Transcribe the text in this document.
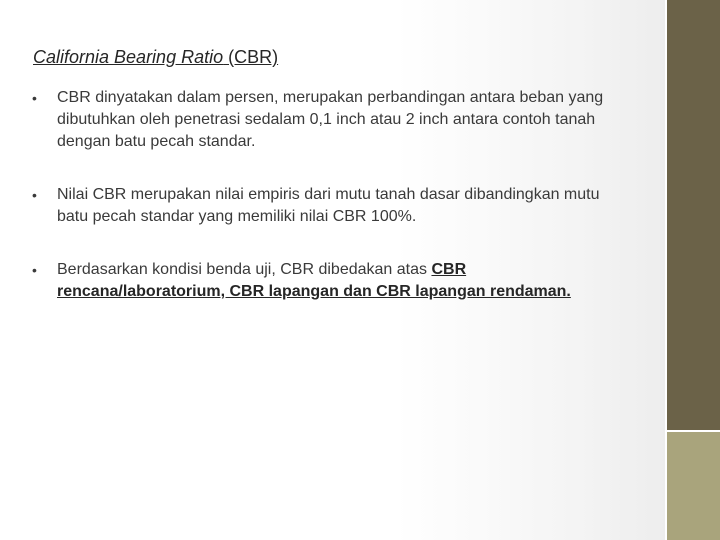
California Bearing Ratio (CBR)
• CBR dinyatakan dalam persen, merupakan perbandingan antara beban yang dibutuhkan oleh penetrasi sedalam 0,1 inch atau 2 inch antara contoh tanah dengan batu pecah standar.
• Nilai CBR merupakan nilai empiris dari mutu tanah dasar dibandingkan mutu batu pecah standar yang memiliki nilai CBR 100%.
• Berdasarkan kondisi benda uji, CBR dibedakan atas CBR rencana/laboratorium, CBR lapangan dan CBR lapangan rendaman.
